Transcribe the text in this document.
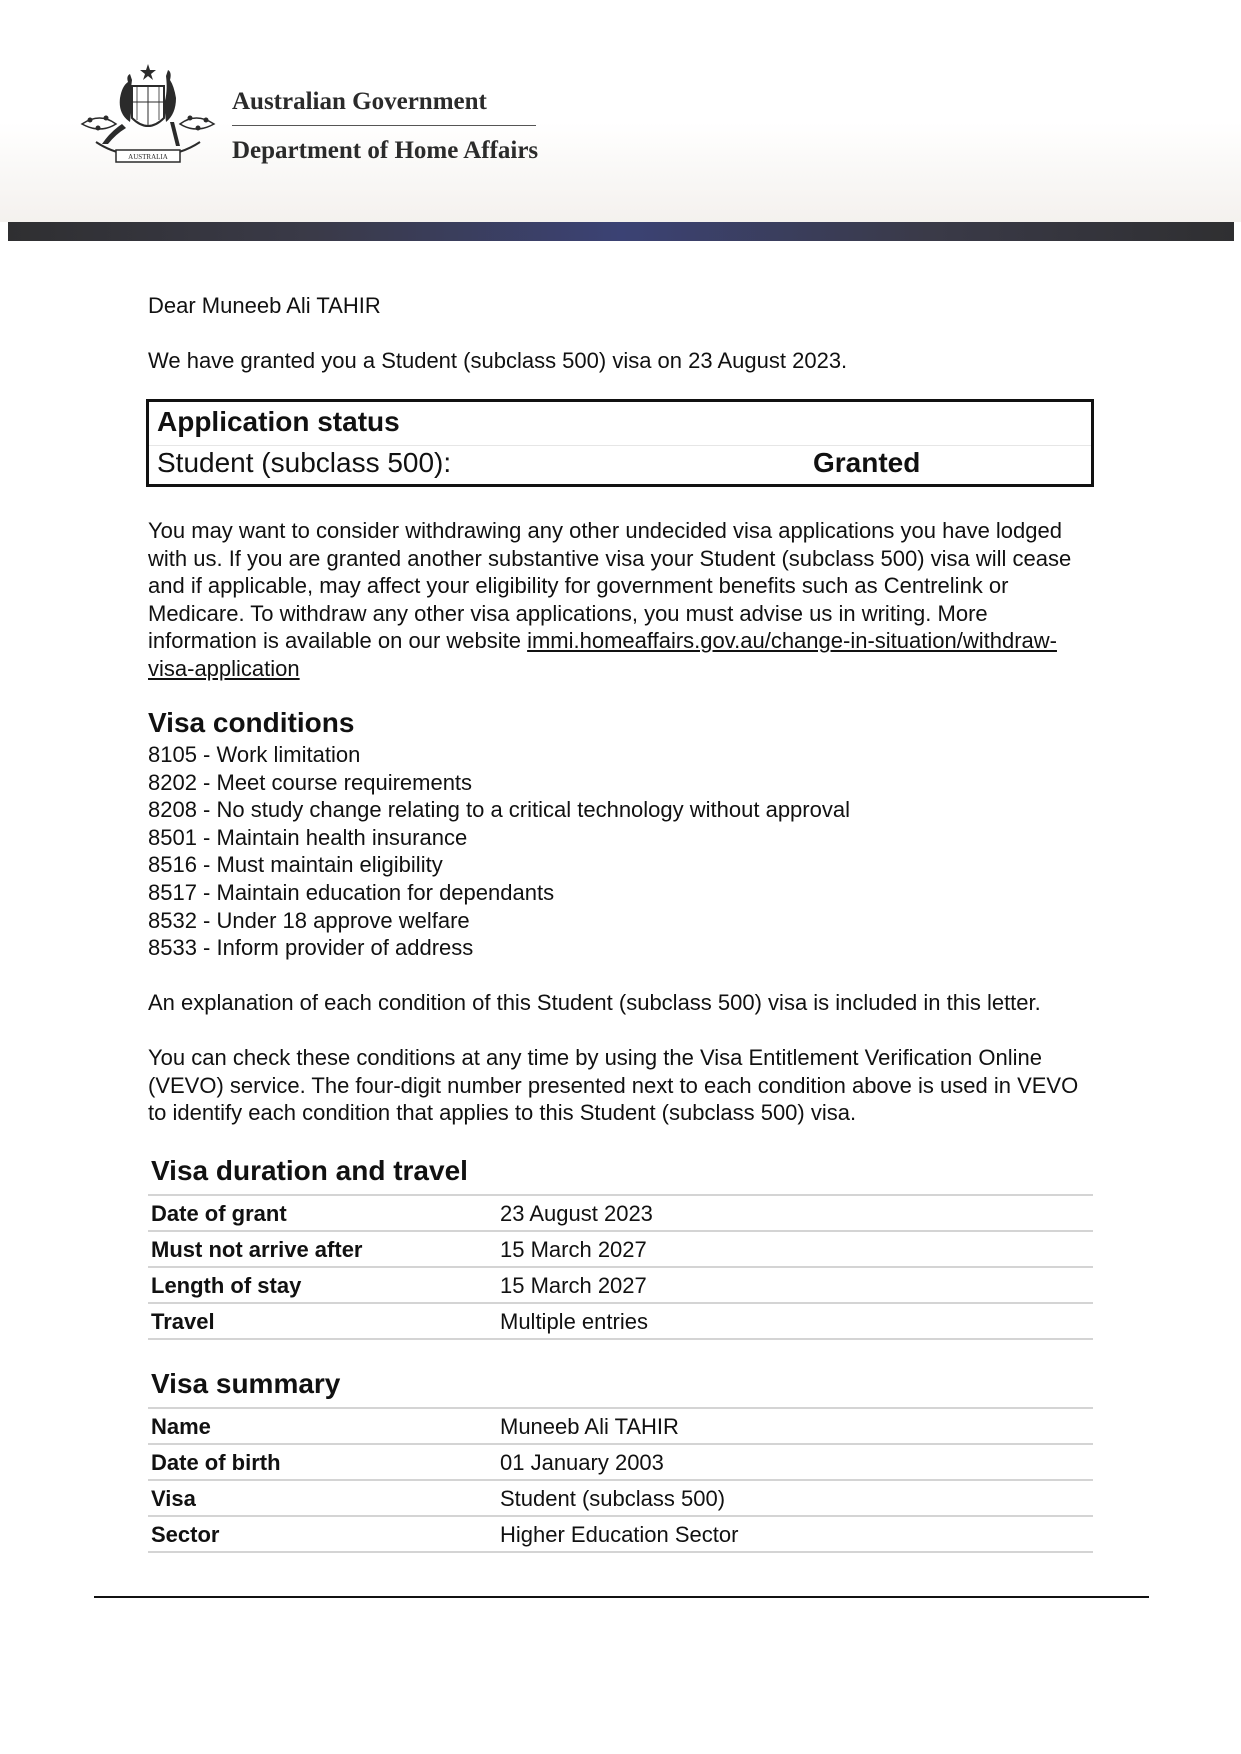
AUSTRALIA
Australian Government
Department of Home Affairs
Dear Muneeb Ali TAHIR
We have granted you a Student (subclass 500) visa on 23 August 2023.
Application status
Student (subclass 500):	Granted
You may want to consider withdrawing any other undecided visa applications you have lodged with us. If you are granted another substantive visa your Student (subclass 500) visa will cease and if applicable, may affect your eligibility for government benefits such as Centrelink or Medicare. To withdraw any other visa applications, you must advise us in writing. More information is available on our website immi.homeaffairs.gov.au/change-in-situation/withdraw-visa-application
Visa conditions
8105 - Work limitation
8202 - Meet course requirements
8208 - No study change relating to a critical technology without approval
8501 - Maintain health insurance
8516 - Must maintain eligibility
8517 - Maintain education for dependants
8532 - Under 18 approve welfare
8533 - Inform provider of address
An explanation of each condition of this Student (subclass 500) visa is included in this letter.
You can check these conditions at any time by using the Visa Entitlement Verification Online (VEVO) service. The four-digit number presented next to each condition above is used in VEVO to identify each condition that applies to this Student (subclass 500) visa.
Visa duration and travel
Date of grant	23 August 2023
Must not arrive after	15 March 2027
Length of stay	15 March 2027
Travel	Multiple entries
Visa summary
Name	Muneeb Ali TAHIR
Date of birth	01 January 2003
Visa	Student (subclass 500)
Sector	Higher Education Sector
